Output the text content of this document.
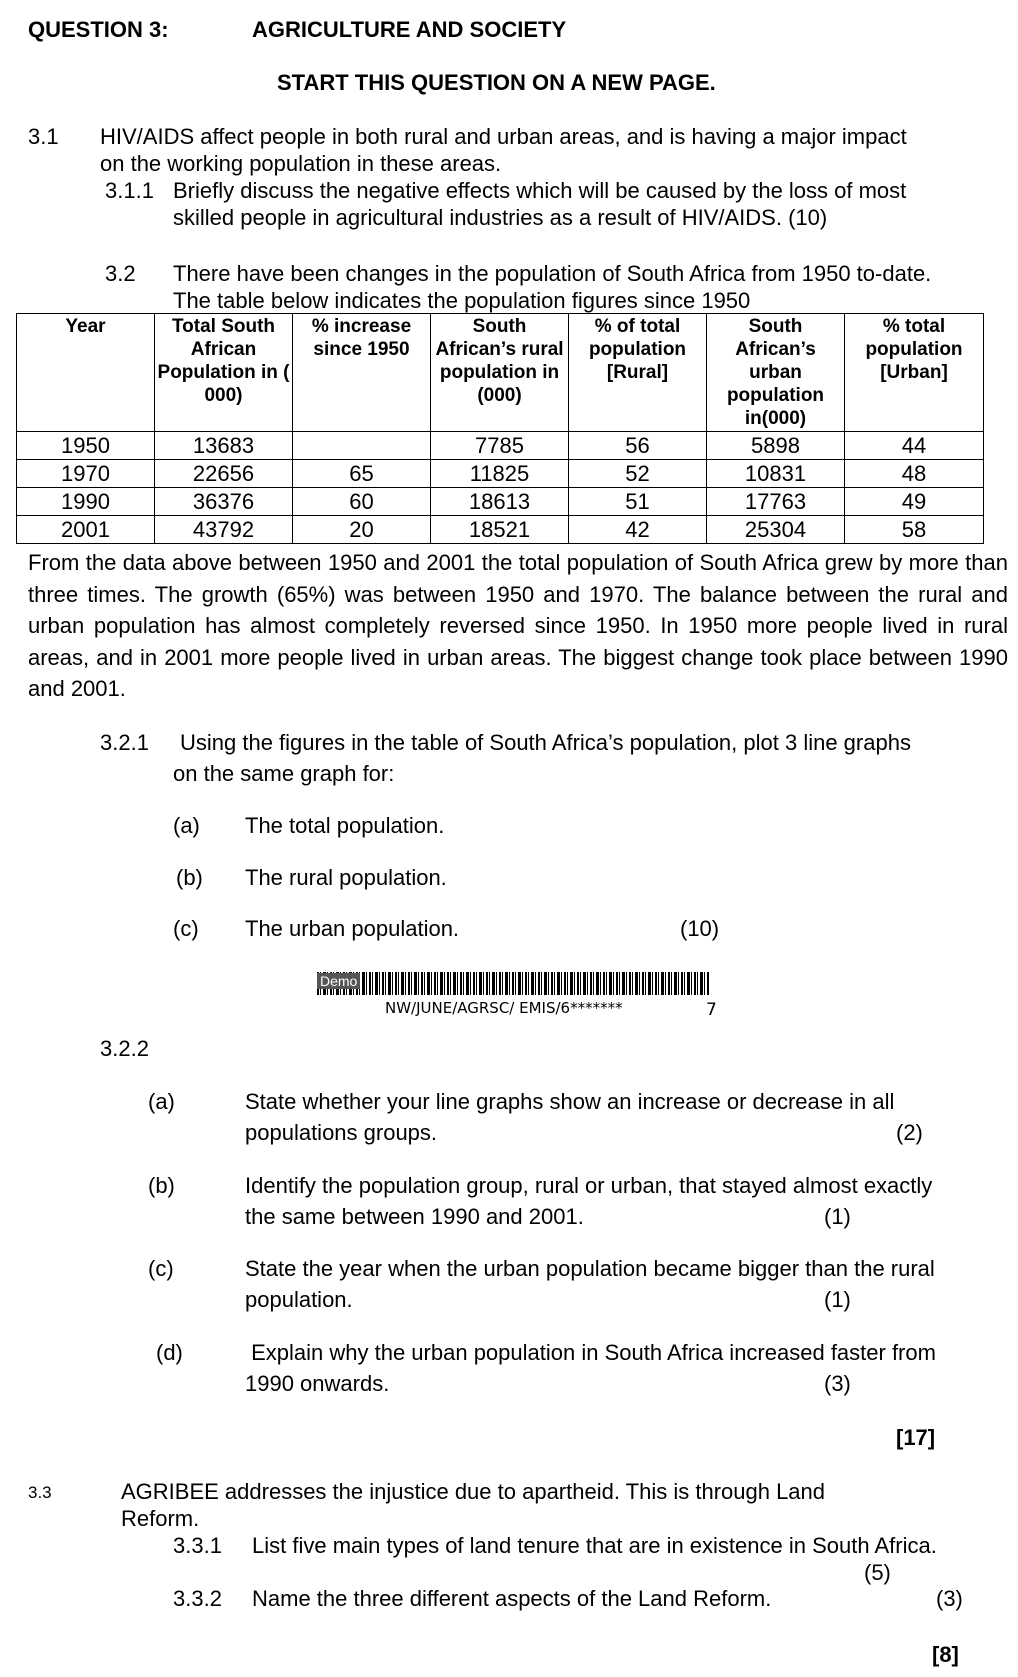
QUESTION 3:	AGRICULTURE AND SOCIETY
START THIS QUESTION ON A NEW PAGE.
3.1 HIV/AIDS affect people in both rural and urban areas, and is having a major impact
on the working population in these areas.
3.1.1 Briefly discuss the negative effects which will be caused by the loss of most
skilled people in agricultural industries as a result of HIV/AIDS. (10)
3.2 There have been changes in the population of South Africa from 1950 to-date.
The table below indicates the population figures since 1950
Year	Total South African Population in ( 000)	% increase since 1950	South African’s rural population in (000)	% of total population [Rural]	South African’s urban population in(000)	% total population [Urban]
1950	13683		7785	56	5898	44
1970	22656	65	11825	52	10831	48
1990	36376	60	18613	51	17763	49
2001	43792	20	18521	42	25304	58
From the data above between 1950 and 2001 the total population of South Africa grew by more than three times. The growth (65%) was between 1950 and 1970. The balance between the rural and urban population has almost completely reversed since 1950. In 1950 more people lived in rural areas, and in 2001 more people lived in urban areas. The biggest change took place between 1990 and 2001.
3.2.1 Using the figures in the table of South Africa’s population, plot 3 line graphs
on the same graph for:
(a) The total population.
(b) The rural population.
(c) The urban population.	(10)
Demo
NW/JUNE/AGRSC/ EMIS/6*******	7
3.2.2
(a)	State whether your line graphs show an increase or decrease in all
populations groups.	(2)
(b)	Identify the population group, rural or urban, that stayed almost exactly
the same between 1990 and 2001.	(1)
(c)	State the year when the urban population became bigger than the rural
population.	(1)
(d)	Explain why the urban population in South Africa increased faster from
1990 onwards.	(3)
[17]
3.3	AGRIBEE addresses the injustice due to apartheid. This is through Land
Reform.
3.3.1 List five main types of land tenure that are in existence in South Africa.
(5)
3.3.2 Name the three different aspects of the Land Reform.	(3)
[8]
